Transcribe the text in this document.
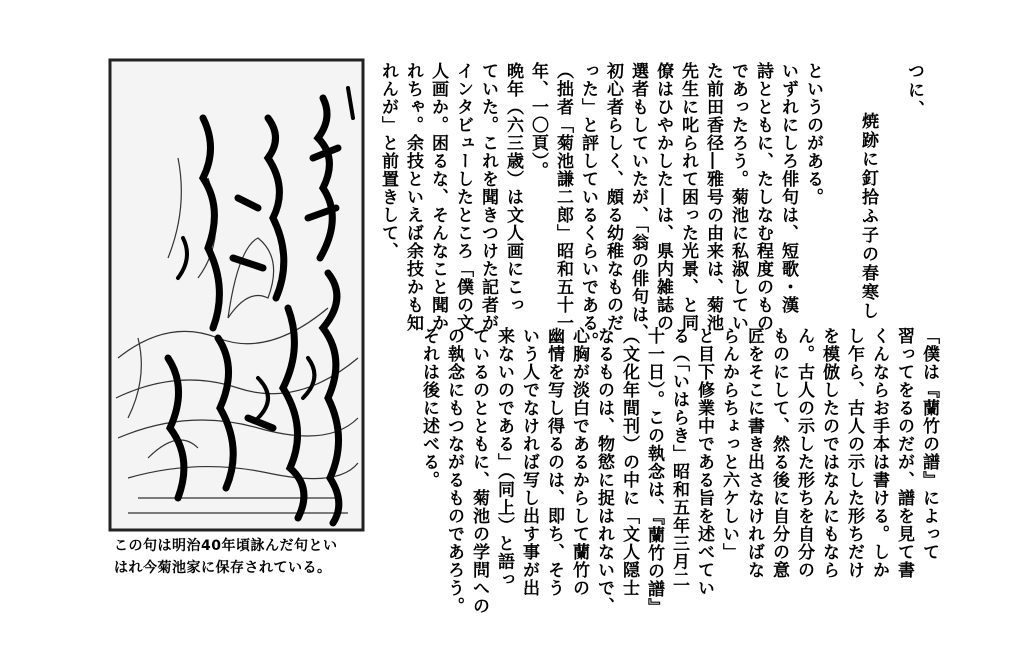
つに、
焼跡に釘拾ふ子の春寒し
というのがある。
いずれにしろ俳句は、短歌・漢
詩とともに、たしなむ程度のもの
であったろう。菊池に私淑してい
た前田香径―雅号の由来は、菊池
先生に叱られて困った光景、と同
僚はひやかした―は、県内雑誌の
選者もしていたが、「翁の俳句は、
初心者らしく、頗る幼稚なものだ
った」と評しているくらいである。
（拙者「菊池謙二郎」昭和五十一
年、一〇頁）。
晩年（六三歳）は文人画にこっ
ていた。これを聞きつけた記者が
インタビューしたところ「僕の文
人画か。困るな、そんなこと聞か
れちゃ。余技といえば余技かも知
れんが」と前置きして、
「僕は『蘭竹の譜』によって
習ってをるのだが、譜を見て書
くんならお手本は書ける。しか
し乍ら、古人の示した形ちだけ
を模倣したのではなんにもなら
ん。古人の示した形ちを自分の
ものにして、然る後に自分の意
匠をそこに書き出さなければな
らんからちょっと六ケしい」
と目下修業中である旨を述べてい
る（「いはらき」昭和五年三月二
十一日）。この執念は、『蘭竹の譜』
（文化年間刊）の中に「文人隠士
なるものは、物慾に捉はれないで、
心胸が淡白であるからして蘭竹の
幽情を写し得るのは、即ち、そう
いう人でなければ写し出す事が出
来ないのである」（同上）と語っ
ているのとともに、菊池の学問への
の執念にもつながるものであろう。
それは後に述べる。
この句は明治40年頃詠んだ句とい
はれ今菊池家に保存されている。
